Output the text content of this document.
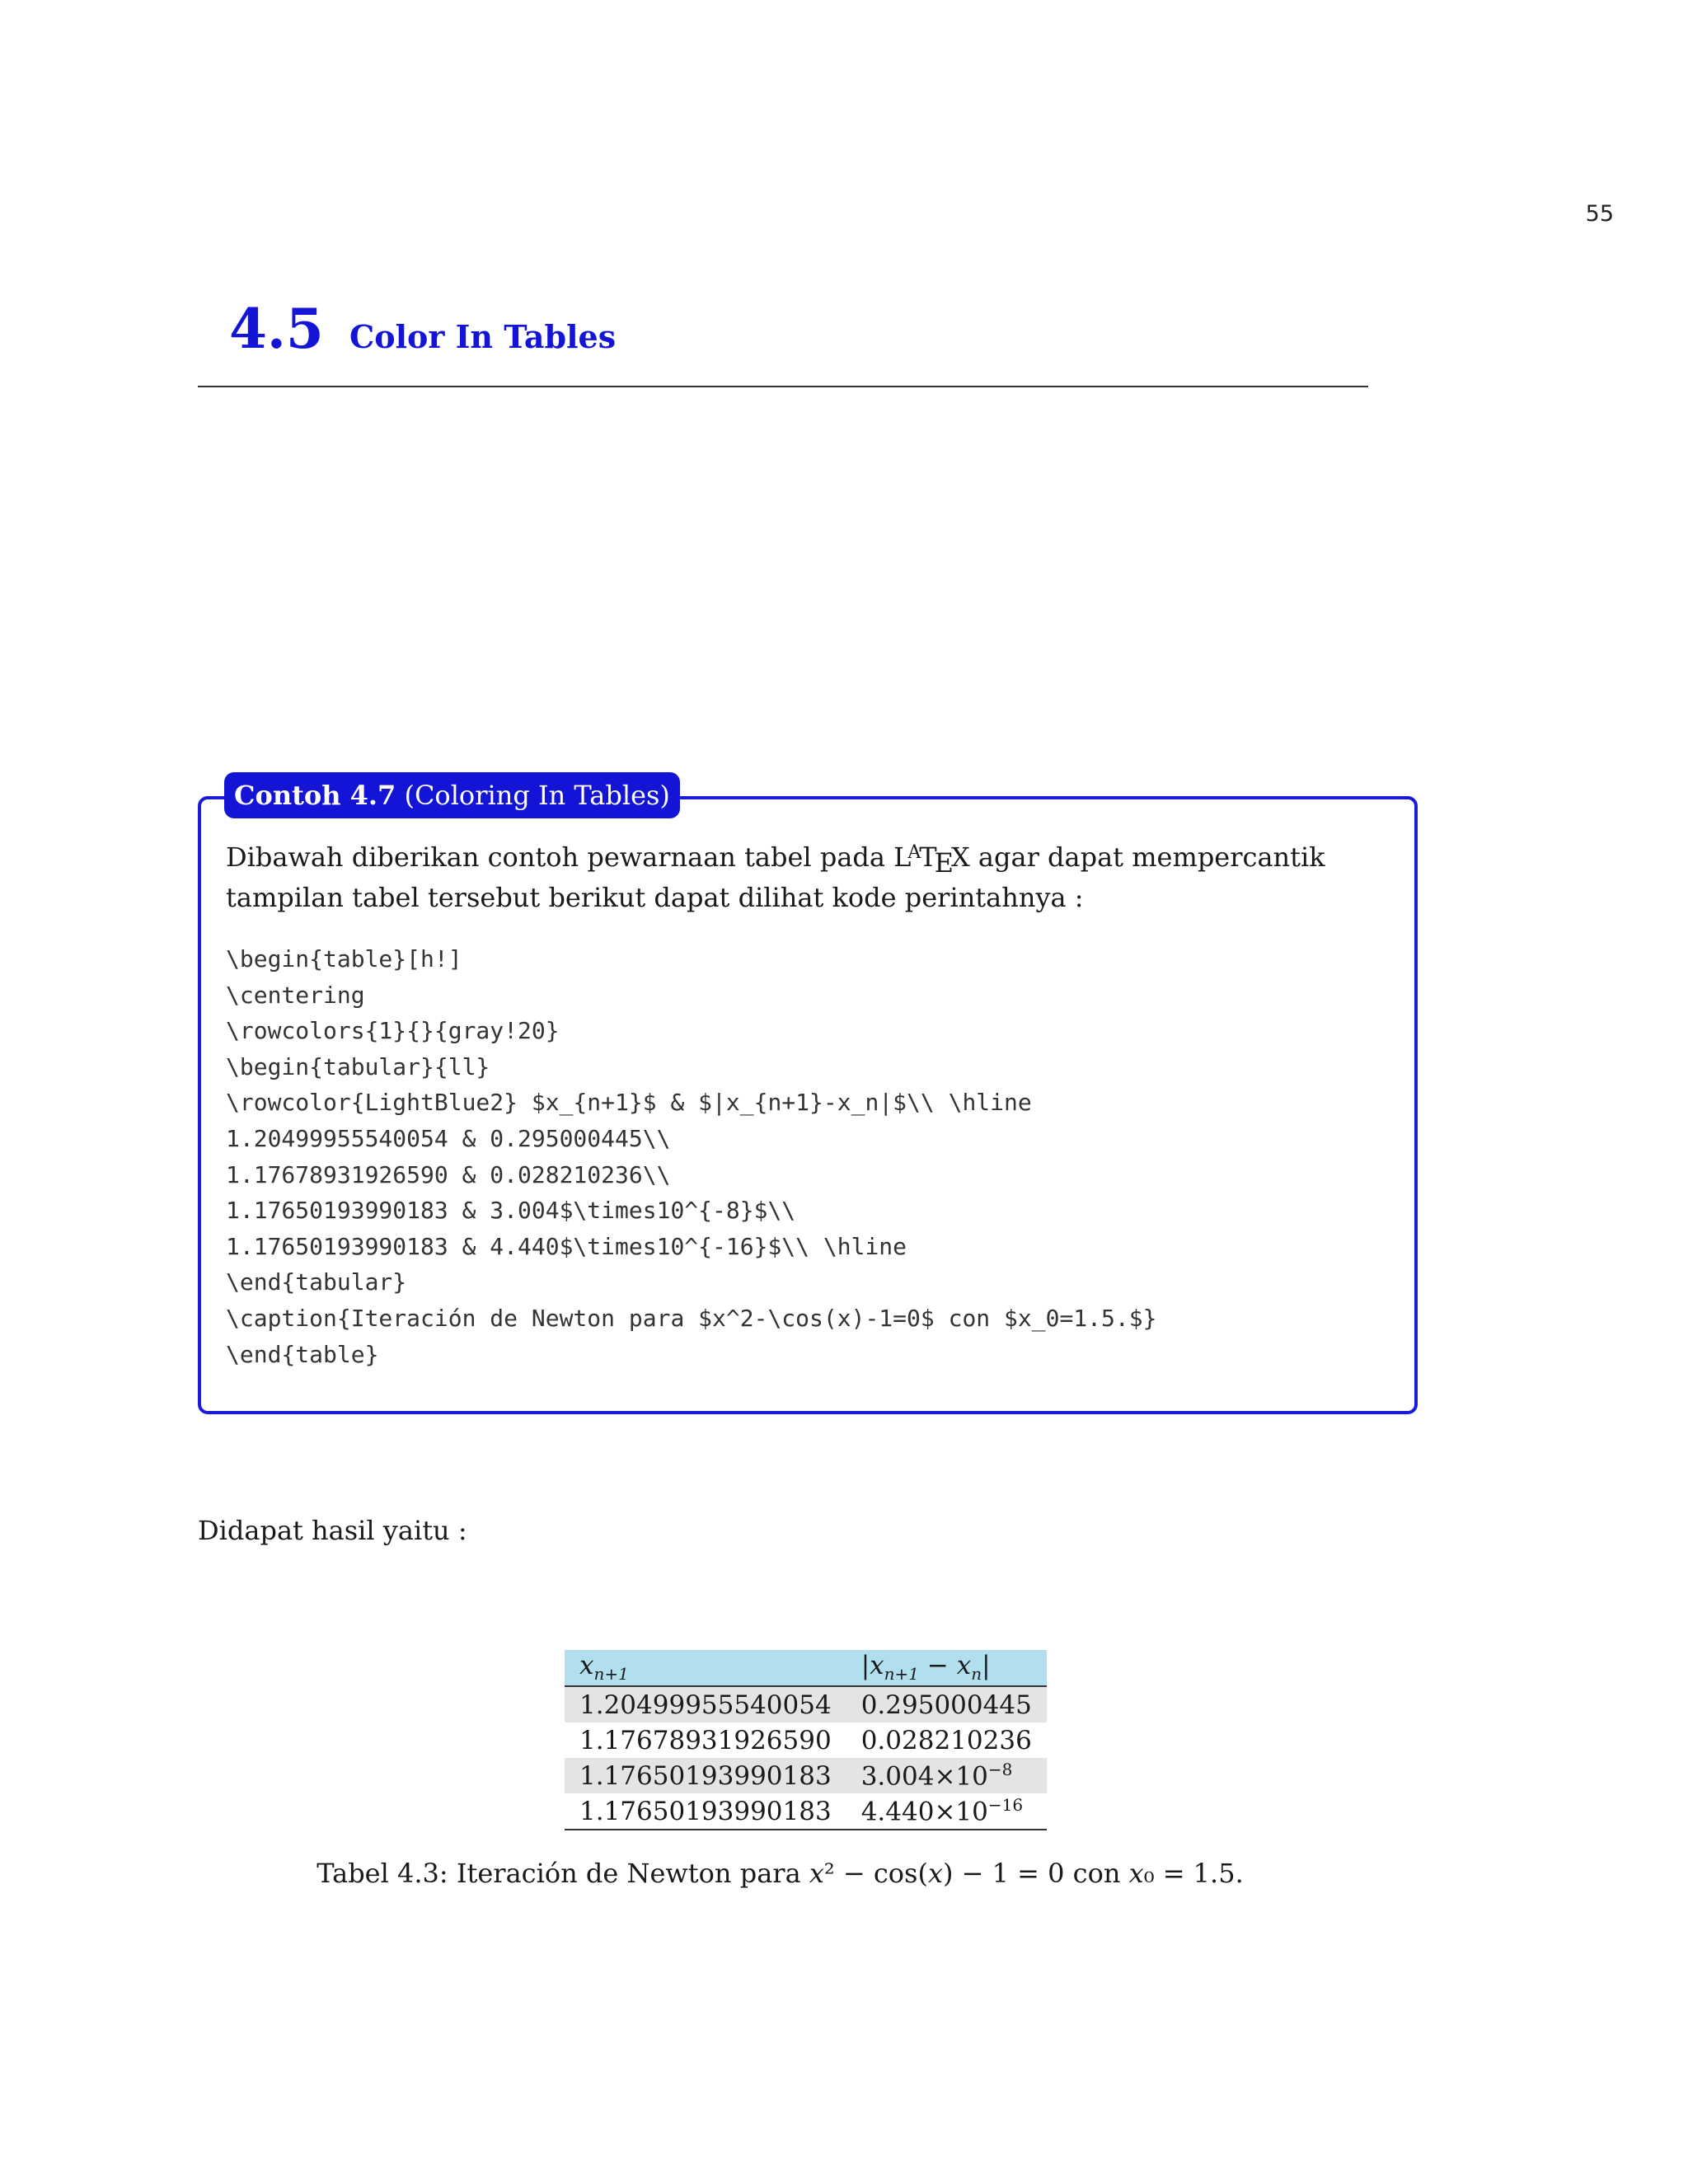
55
4.5 Color In Tables
Contoh 4.7 (Coloring In Tables)
Dibawah diberikan contoh pewarnaan tabel pada $L^ATEX$ agar dapat mempercantik tampilan tabel tersebut berikut dapat dilihat kode perintahnya :
\begin{table}[h!]
\centering
\rowcolors{1}{}{gray!20}
\begin{tabular}{ll}
\rowcolor{LightBlue2} $x_{n+1}$ & $|x_{n+1}-x_n|$\\ \hline
1.20499955540054 & 0.295000445\\
1.17678931926590 & 0.028210236\\
1.17650193990183 & 3.004$\times10^{-8}$\\
1.17650193990183 & 4.440$\times10^{-16}$\\ \hline
\end{tabular}
\caption{Iteración de Newton para $x^2-\cos(x)-1=0$ con $x_0=1.5.$}
\end{table}
Didapat hasil yaitu :
$x_{n+1}$	$|x_{n+1} - x_n|$
1.20499955540054	0.295000445
1.17678931926590	0.028210236
1.17650193990183	$3.004\times 10^{-8}$
1.17650193990183	$4.440\times 10^{-16}$
Tabel 4.3: Iteración de Newton para x² − cos(x) − 1 = 0 con x₀ = 1.5.
